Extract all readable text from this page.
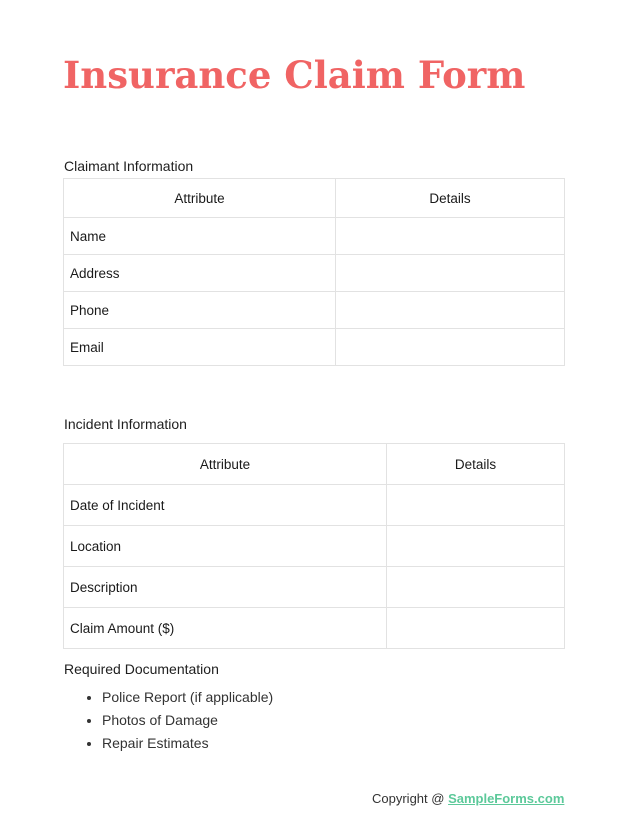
Insurance Claim Form

Claimant Information

Attribute	Details
Name	
Address	
Phone	
Email	

Incident Information

Attribute	Details
Date of Incident	
Location	
Description	
Claim Amount ($)	

Required Documentation

• Police Report (if applicable)
• Photos of Damage
• Repair Estimates
Copyright @ SampleForms.com
